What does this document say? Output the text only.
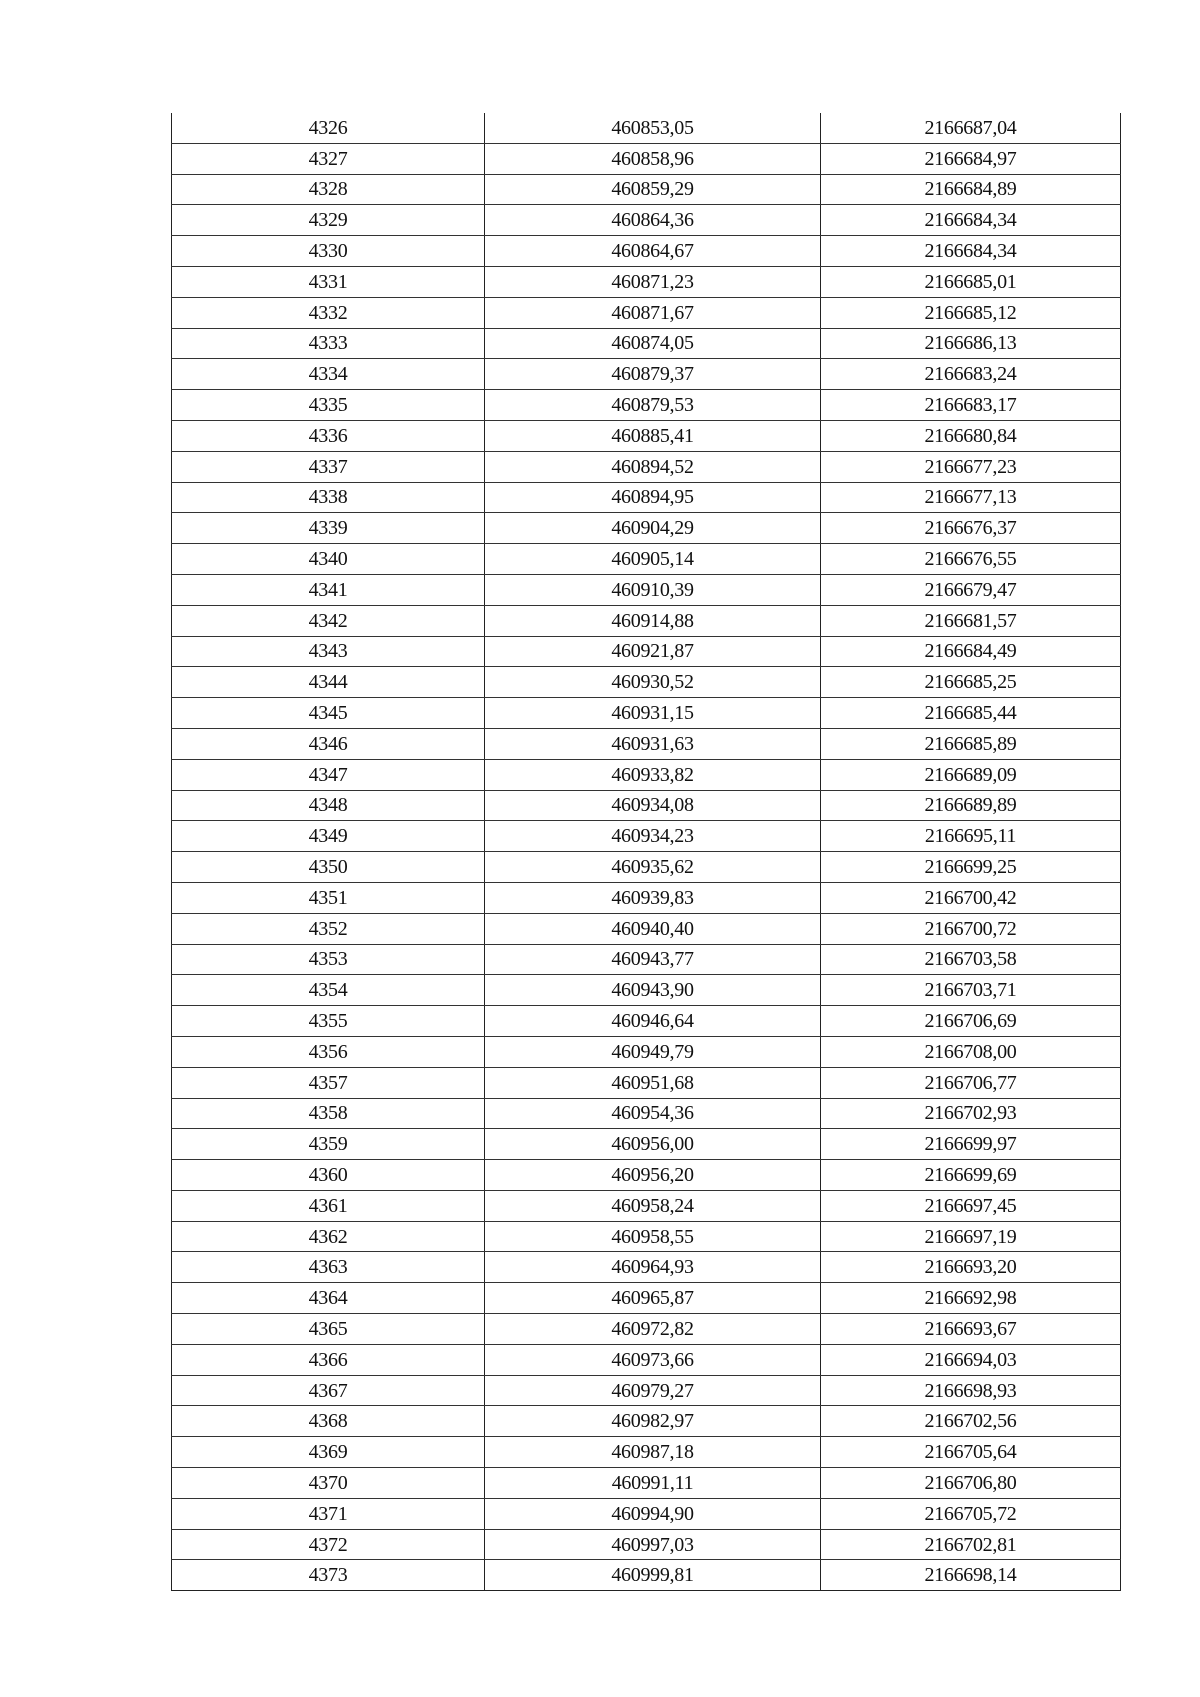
4326	460853,05	2166687,04
4327	460858,96	2166684,97
4328	460859,29	2166684,89
4329	460864,36	2166684,34
4330	460864,67	2166684,34
4331	460871,23	2166685,01
4332	460871,67	2166685,12
4333	460874,05	2166686,13
4334	460879,37	2166683,24
4335	460879,53	2166683,17
4336	460885,41	2166680,84
4337	460894,52	2166677,23
4338	460894,95	2166677,13
4339	460904,29	2166676,37
4340	460905,14	2166676,55
4341	460910,39	2166679,47
4342	460914,88	2166681,57
4343	460921,87	2166684,49
4344	460930,52	2166685,25
4345	460931,15	2166685,44
4346	460931,63	2166685,89
4347	460933,82	2166689,09
4348	460934,08	2166689,89
4349	460934,23	2166695,11
4350	460935,62	2166699,25
4351	460939,83	2166700,42
4352	460940,40	2166700,72
4353	460943,77	2166703,58
4354	460943,90	2166703,71
4355	460946,64	2166706,69
4356	460949,79	2166708,00
4357	460951,68	2166706,77
4358	460954,36	2166702,93
4359	460956,00	2166699,97
4360	460956,20	2166699,69
4361	460958,24	2166697,45
4362	460958,55	2166697,19
4363	460964,93	2166693,20
4364	460965,87	2166692,98
4365	460972,82	2166693,67
4366	460973,66	2166694,03
4367	460979,27	2166698,93
4368	460982,97	2166702,56
4369	460987,18	2166705,64
4370	460991,11	2166706,80
4371	460994,90	2166705,72
4372	460997,03	2166702,81
4373	460999,81	2166698,14
